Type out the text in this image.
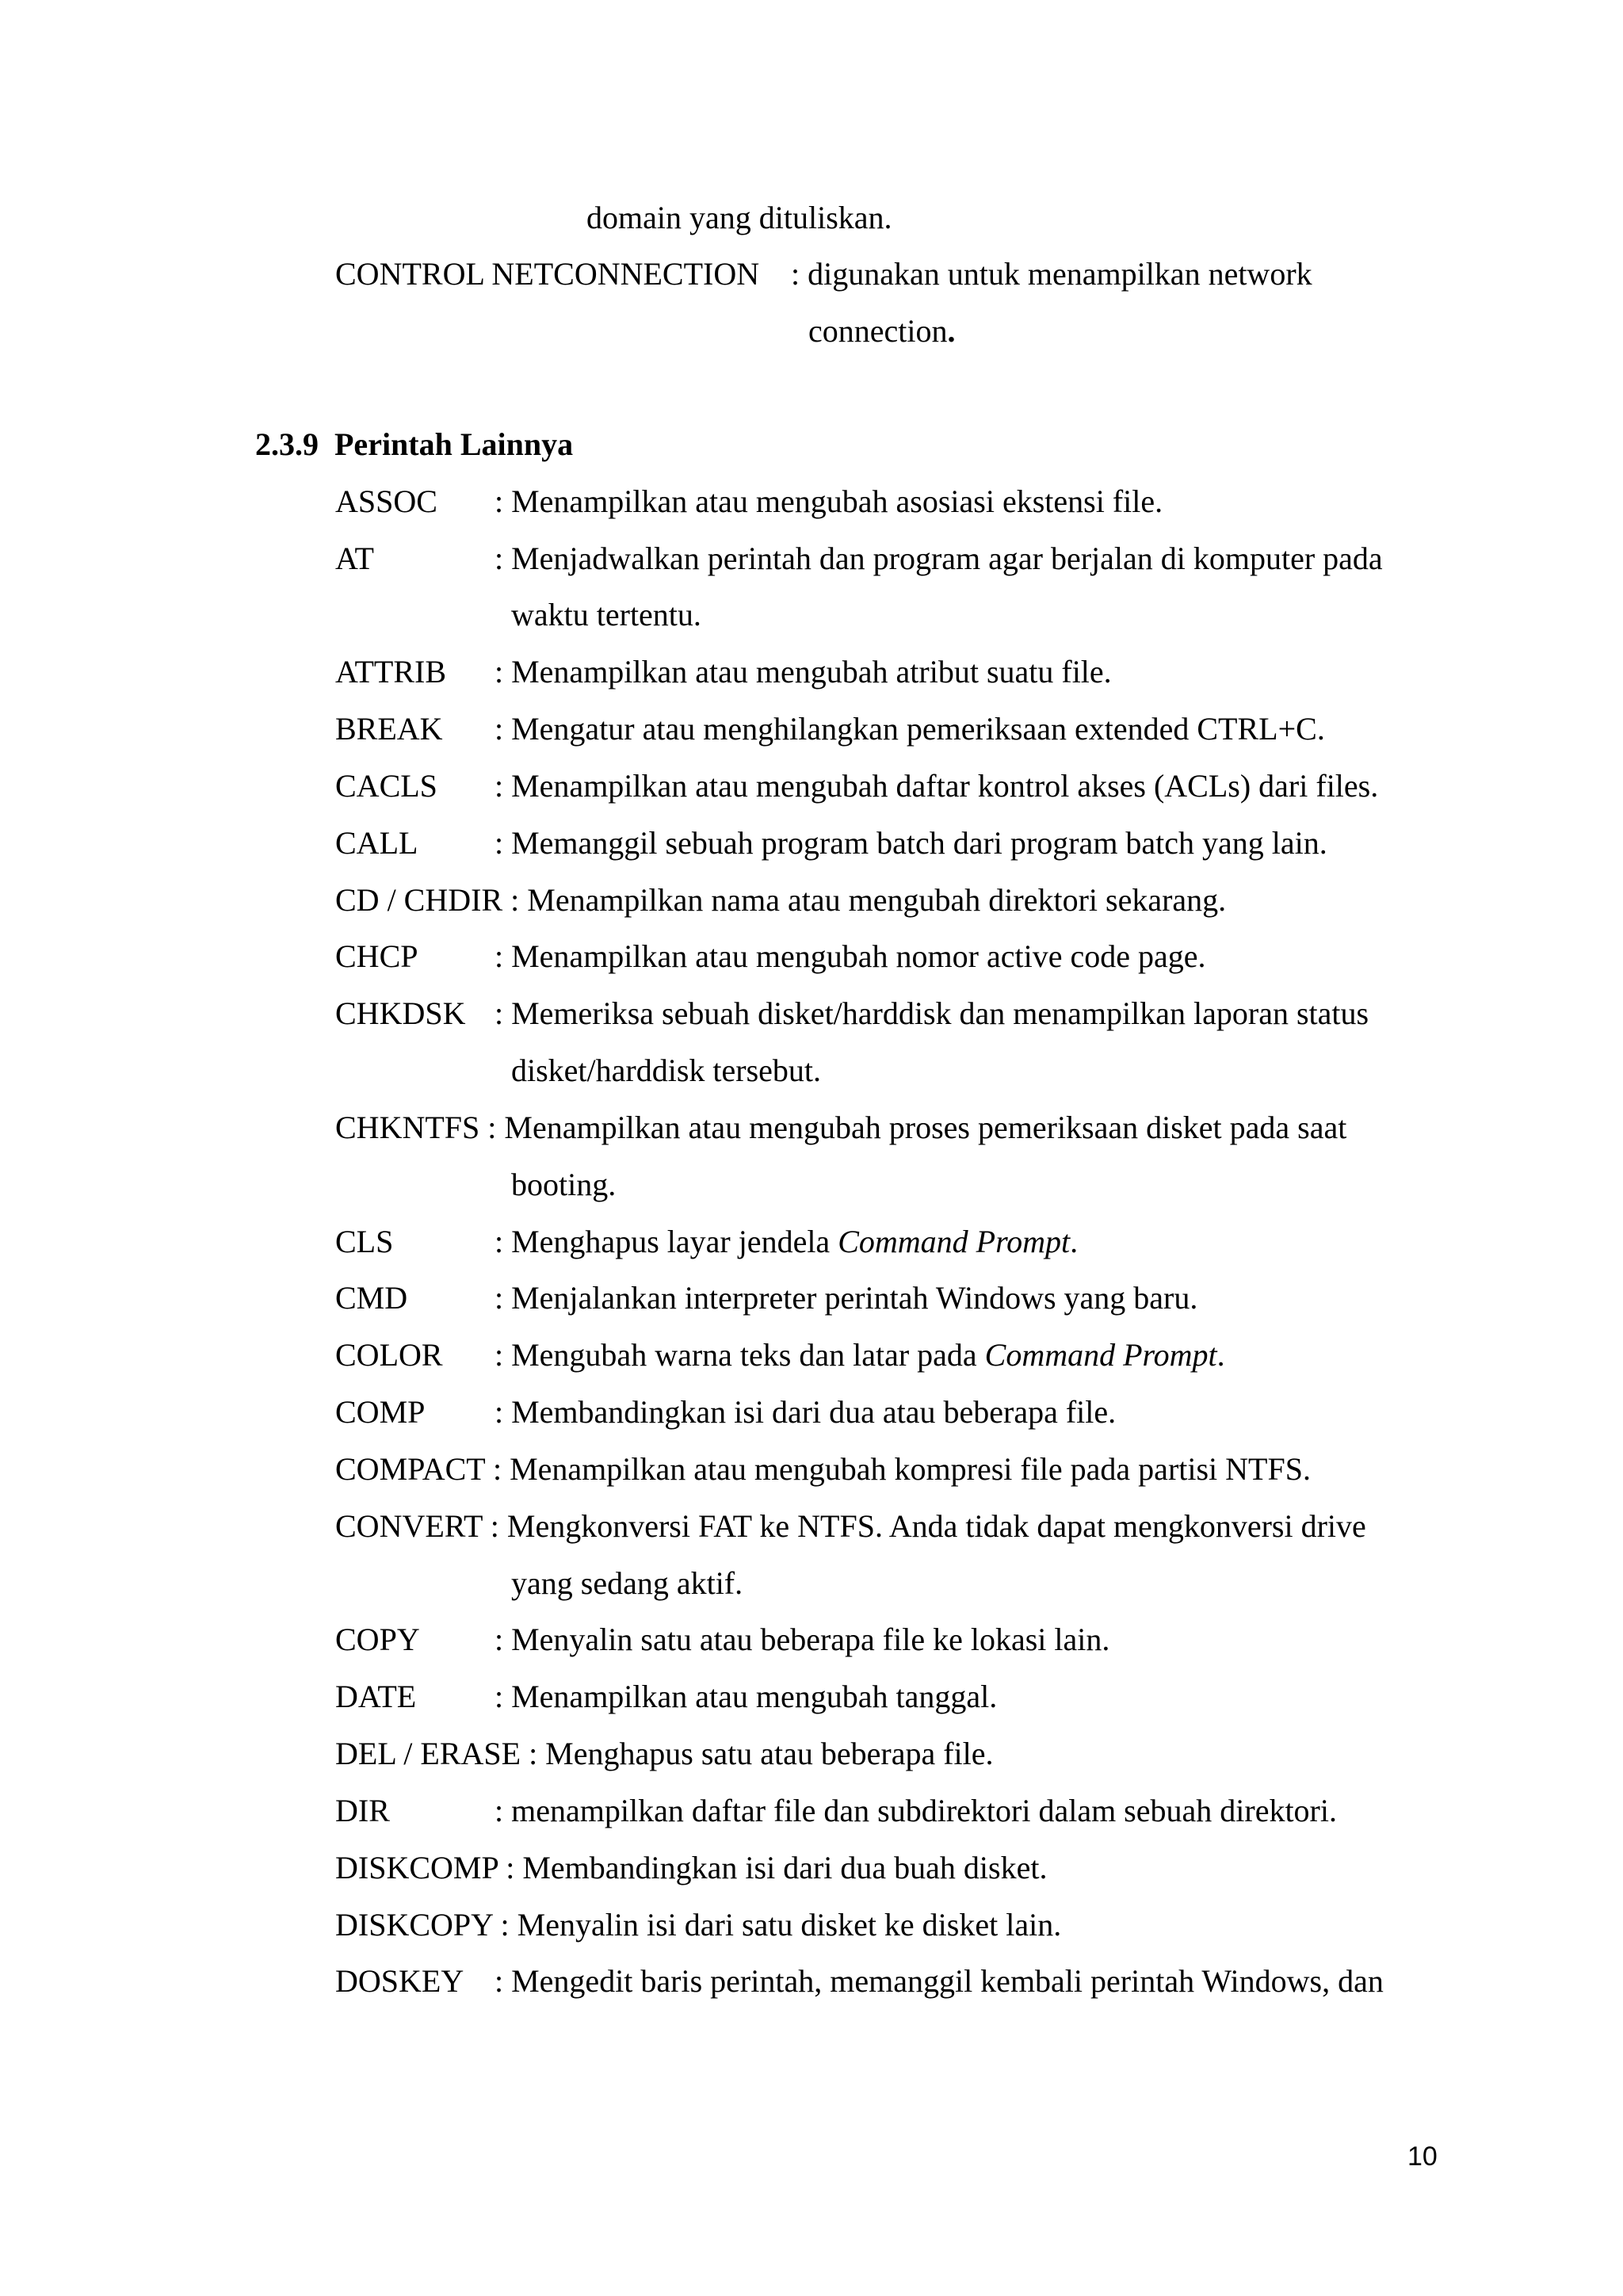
domain yang dituliskan.
CONTROL NETCONNECTION : digunakan untuk menampilkan network
connection.
2.3.9 Perintah Lainnya
ASSOC : Menampilkan atau mengubah asosiasi ekstensi file.
AT	: Menjadwalkan perintah dan program agar berjalan di komputer pada
waktu tertentu.
ATTRIB : Menampilkan atau mengubah atribut suatu file.
BREAK : Mengatur atau menghilangkan pemeriksaan extended CTRL+C.
CACLS : Menampilkan atau mengubah daftar kontrol akses (ACLs) dari files.
CALL : Memanggil sebuah program batch dari program batch yang lain.
CD / CHDIR : Menampilkan nama atau mengubah direktori sekarang.
CHCP : Menampilkan atau mengubah nomor active code page.
CHKDSK : Memeriksa sebuah disket/harddisk dan menampilkan laporan status
disket/harddisk tersebut.
CHKNTFS : Menampilkan atau mengubah proses pemeriksaan disket pada saat
booting.
CLS	: Menghapus layar jendela Command Prompt.
CMD	: Menjalankan interpreter perintah Windows yang baru.
COLOR : Mengubah warna teks dan latar pada Command Prompt.
COMP : Membandingkan isi dari dua atau beberapa file.
COMPACT : Menampilkan atau mengubah kompresi file pada partisi NTFS.
CONVERT : Mengkonversi FAT ke NTFS. Anda tidak dapat mengkonversi drive
yang sedang aktif.
COPY : Menyalin satu atau beberapa file ke lokasi lain.
DATE : Menampilkan atau mengubah tanggal.
DEL / ERASE : Menghapus satu atau beberapa file.
DIR	: menampilkan daftar file dan subdirektori dalam sebuah direktori.
DISKCOMP : Membandingkan isi dari dua buah disket.
DISKCOPY : Menyalin isi dari satu disket ke disket lain.
DOSKEY : Mengedit baris perintah, memanggil kembali perintah Windows, dan
10
